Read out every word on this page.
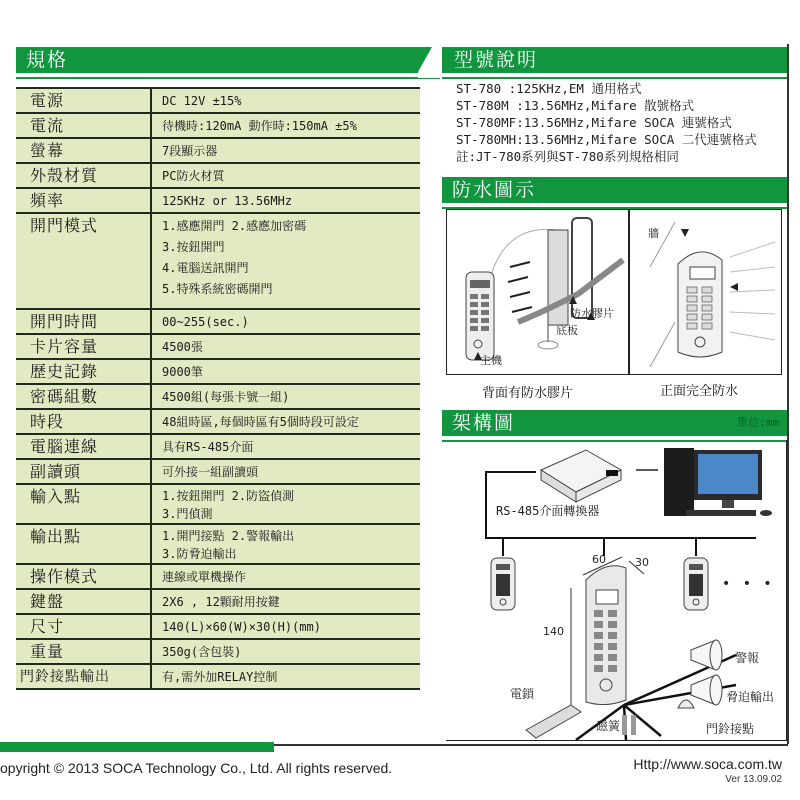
規格
電源	DC 12V ±15%

電流	待機時:120mA 動作時:150mA ±5%

螢幕	7段顯示器

外殼材質	PC防火材質

頻率	125KHz or 13.56MHz

開門模式	1.感應開門 2.感應加密碼
3.按鈕開門
4.電腦送訊開門
5.特殊系統密碼開門

開門時間	00~255(sec.)

卡片容量	4500張

歷史記錄	9000筆

密碼組數	4500組(每張卡號一組)

時段	48組時區,每個時區有5個時段可設定

電腦連線	具有RS-485介面

副讀頭	可外接一組副讀頭

輸入點	1.按鈕開門 2.防盜偵測
3.門偵測

輸出點	1.開門接點 2.警報輸出
3.防脅迫輸出

操作模式	連線或單機操作

鍵盤	2X6 , 12顆耐用按鍵

尺寸	140(L)×60(W)×30(H)(mm)

重量	350g(含包裝)

門鈴接點輸出	有,需外加RELAY控制
型號說明
ST-780 :125KHz,EM 通用格式
ST-780M :13.56MHz,Mifare 散號格式
ST-780MF:13.56MHz,Mifare SOCA 連號格式
ST-780MH:13.56MHz,Mifare SOCA 二代連號格式
註:JT-780系列與ST-780系列規格相同
防水圖示
防水膠片
底板
主機
牆
背面有防水膠片	正面完全防水
架構圖	單位:mm
RS-485介面轉換器
60	30
140
• • •
警報
脅迫輸出
電鎖
磁簧	門鈴接點
opyright © 2013 SOCA Technology Co., Ltd. All rights reserved.	Http://www.soca.com.tw
Ver 13.09.02
